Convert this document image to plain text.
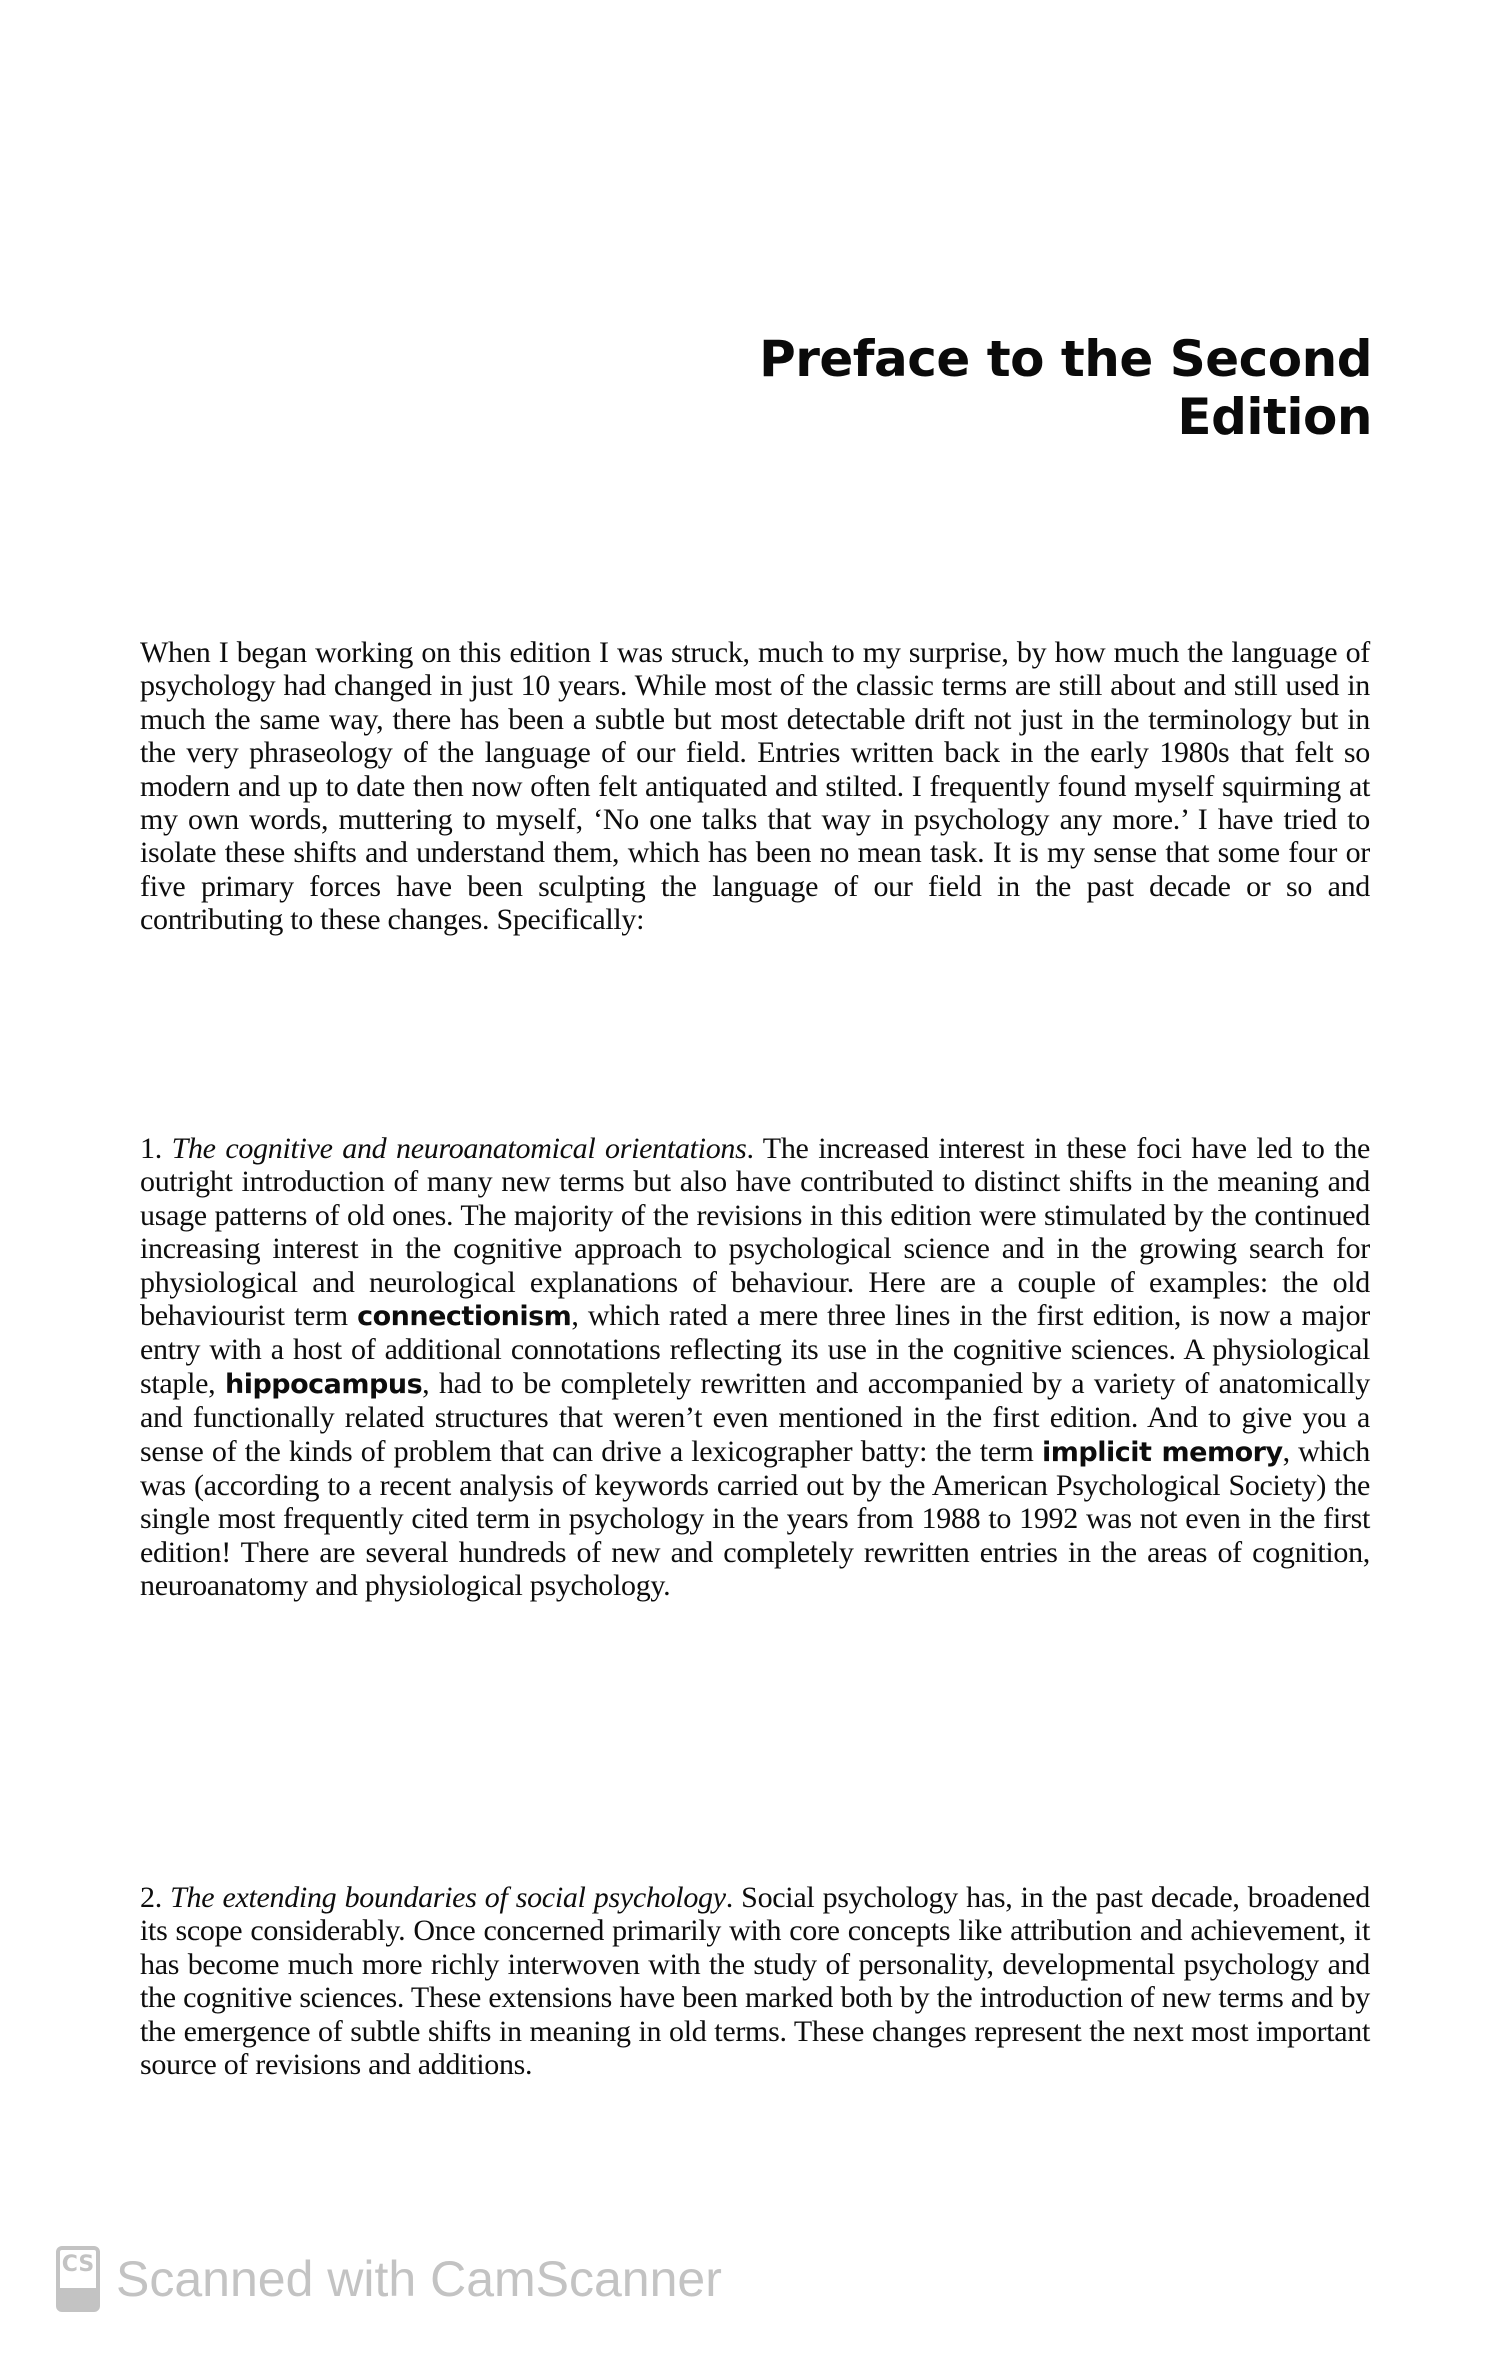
Preface to the Second Edition

When I began working on this edition I was struck, much to my surprise, by how much the language of psychology had changed in just 10 years. While most of the classic terms are still about and still used in much the same way, there has been a subtle but most detectable drift not just in the terminology but in the very phraseology of the language of our field. Entries written back in the early 1980s that felt so modern and up to date then now often felt antiquated and stilted. I frequently found myself squirming at my own words, muttering to myself, ‘No one talks that way in psychology any more.’ I have tried to isolate these shifts and understand them, which has been no mean task. It is my sense that some four or five primary forces have been sculpting the language of our field in the past decade or so and contributing to these changes. Specifically:

1. The cognitive and neuroanatomical orientations. The increased interest in these foci have led to the outright introduction of many new terms but also have contributed to distinct shifts in the meaning and usage patterns of old ones. The majority of the revisions in this edition were stimulated by the continued increasing interest in the cognitive approach to psychological science and in the growing search for physiological and neurological explanations of behaviour. Here are a couple of examples: the old behaviourist term connectionism, which rated a mere three lines in the first edition, is now a major entry with a host of additional connotations reflecting its use in the cognitive sciences. A physiological staple, hippocampus, had to be completely rewritten and accompanied by a variety of anatomically and functionally related structures that weren’t even mentioned in the first edition. And to give you a sense of the kinds of problem that can drive a lexicographer batty: the term implicit memory, which was (according to a recent analysis of keywords carried out by the American Psychological Society) the single most frequently cited term in psychology in the years from 1988 to 1992 was not even in the first edition! There are several hundreds of new and completely rewritten entries in the areas of cognition, neuroanatomy and physiological psychology.

2. The extending boundaries of social psychology. Social psychology has, in the past decade, broadened its scope considerably. Once concerned primarily with core concepts like attribution and achievement, it has become much more richly interwoven with the study of personality, developmental psychology and the cognitive sciences. These extensions have been marked both by the introduction of new terms and by the emergence of subtle shifts in meaning in old terms. These changes represent the next most important source of revisions and additions.

CS Scanned with CamScanner
